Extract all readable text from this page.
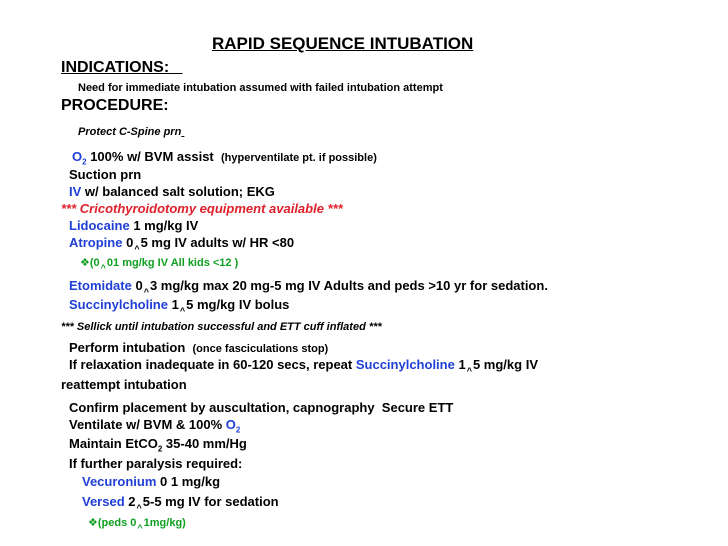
RAPID SEQUENCE INTUBATION
INDICATIONS:
Need for immediate intubation assumed with failed intubation attempt
PROCEDURE:
Protect C-Spine prn
$O_2$ 100% w/ BVM assist (hyperventilate pt. if possible)
Suction prn
IV w/ balanced salt solution; EKG
*** Cricothyroidotomy equipment available ***
Lidocaine 1 mg/kg IV
Atropine $0_{\^{}}5$ mg IV adults w/ HR <80
$❖(0_{\^{}}01$ mg/kg IV All kids <12 )
Etomidate $0_{\^{}}3$ mg/kg max 20 mg-5 mg IV Adults and peds >10 yr for sedation.
Succinylcholine $1_{\^{}}5$ mg/kg IV bolus
*** Sellick until intubation successful and ETT cuff inflated ***
Perform intubation (once fasciculations stop)
If relaxation inadequate in 60-120 secs, repeat Succinylcholine $1_{\^{}}5$ mg/kg IV
reattempt intubation
Confirm placement by auscultation, capnography Secure ETT
Ventilate w/ BVM & 100% $O_2$
Maintain EtCO$_2$ 35-40 mm/Hg
If further paralysis required:
Vecuronium 0 1 mg/kg
Versed $2_{\^{}}5-5$ mg IV for sedation
❖(peds $0_{\^{}}1mg/kg$)
